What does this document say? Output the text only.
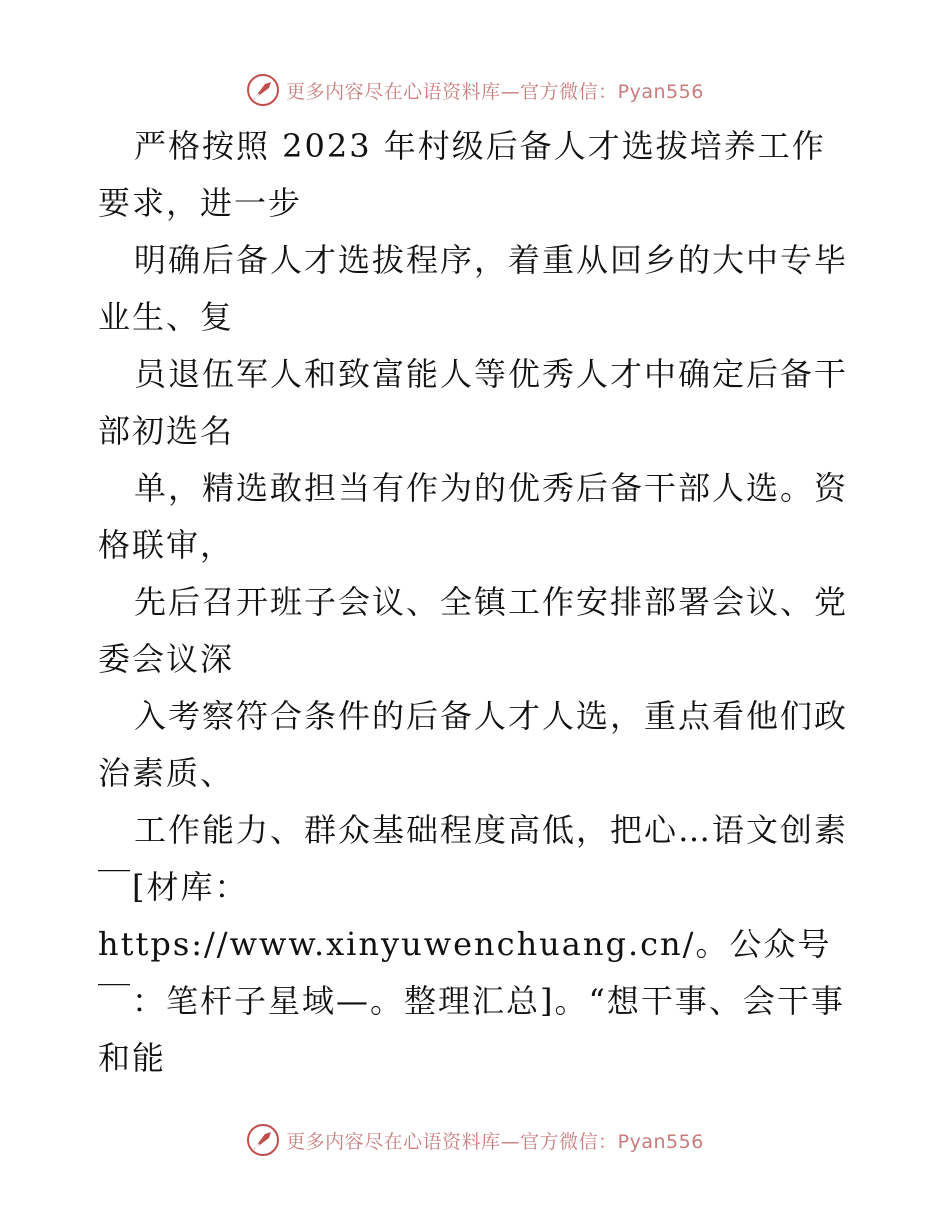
更多内容尽在心语资料库—官方微信：Pyan556

严格按照 2023 年村级后备人才选拔培养工作要求，进一步

明确后备人才选拔程序，着重从回乡的大中专毕业生、复

员退伍军人和致富能人等优秀人才中确定后备干部初选名

单，精选敢担当有作为的优秀后备干部人选。资格联审，

先后召开班子会议、全镇工作安排部署会议、党委会议深

入考察符合条件的后备人才人选，重点看他们政治素质、

工作能力、群众基础程度高低，把心…语文创素￣[材库：https://www.xinyuwenchuang.cn/。公众号￣：笔杆子星域—。整理汇总]。“想干事、会干事和能

更多内容尽在心语资料库—官方微信：Pyan556
